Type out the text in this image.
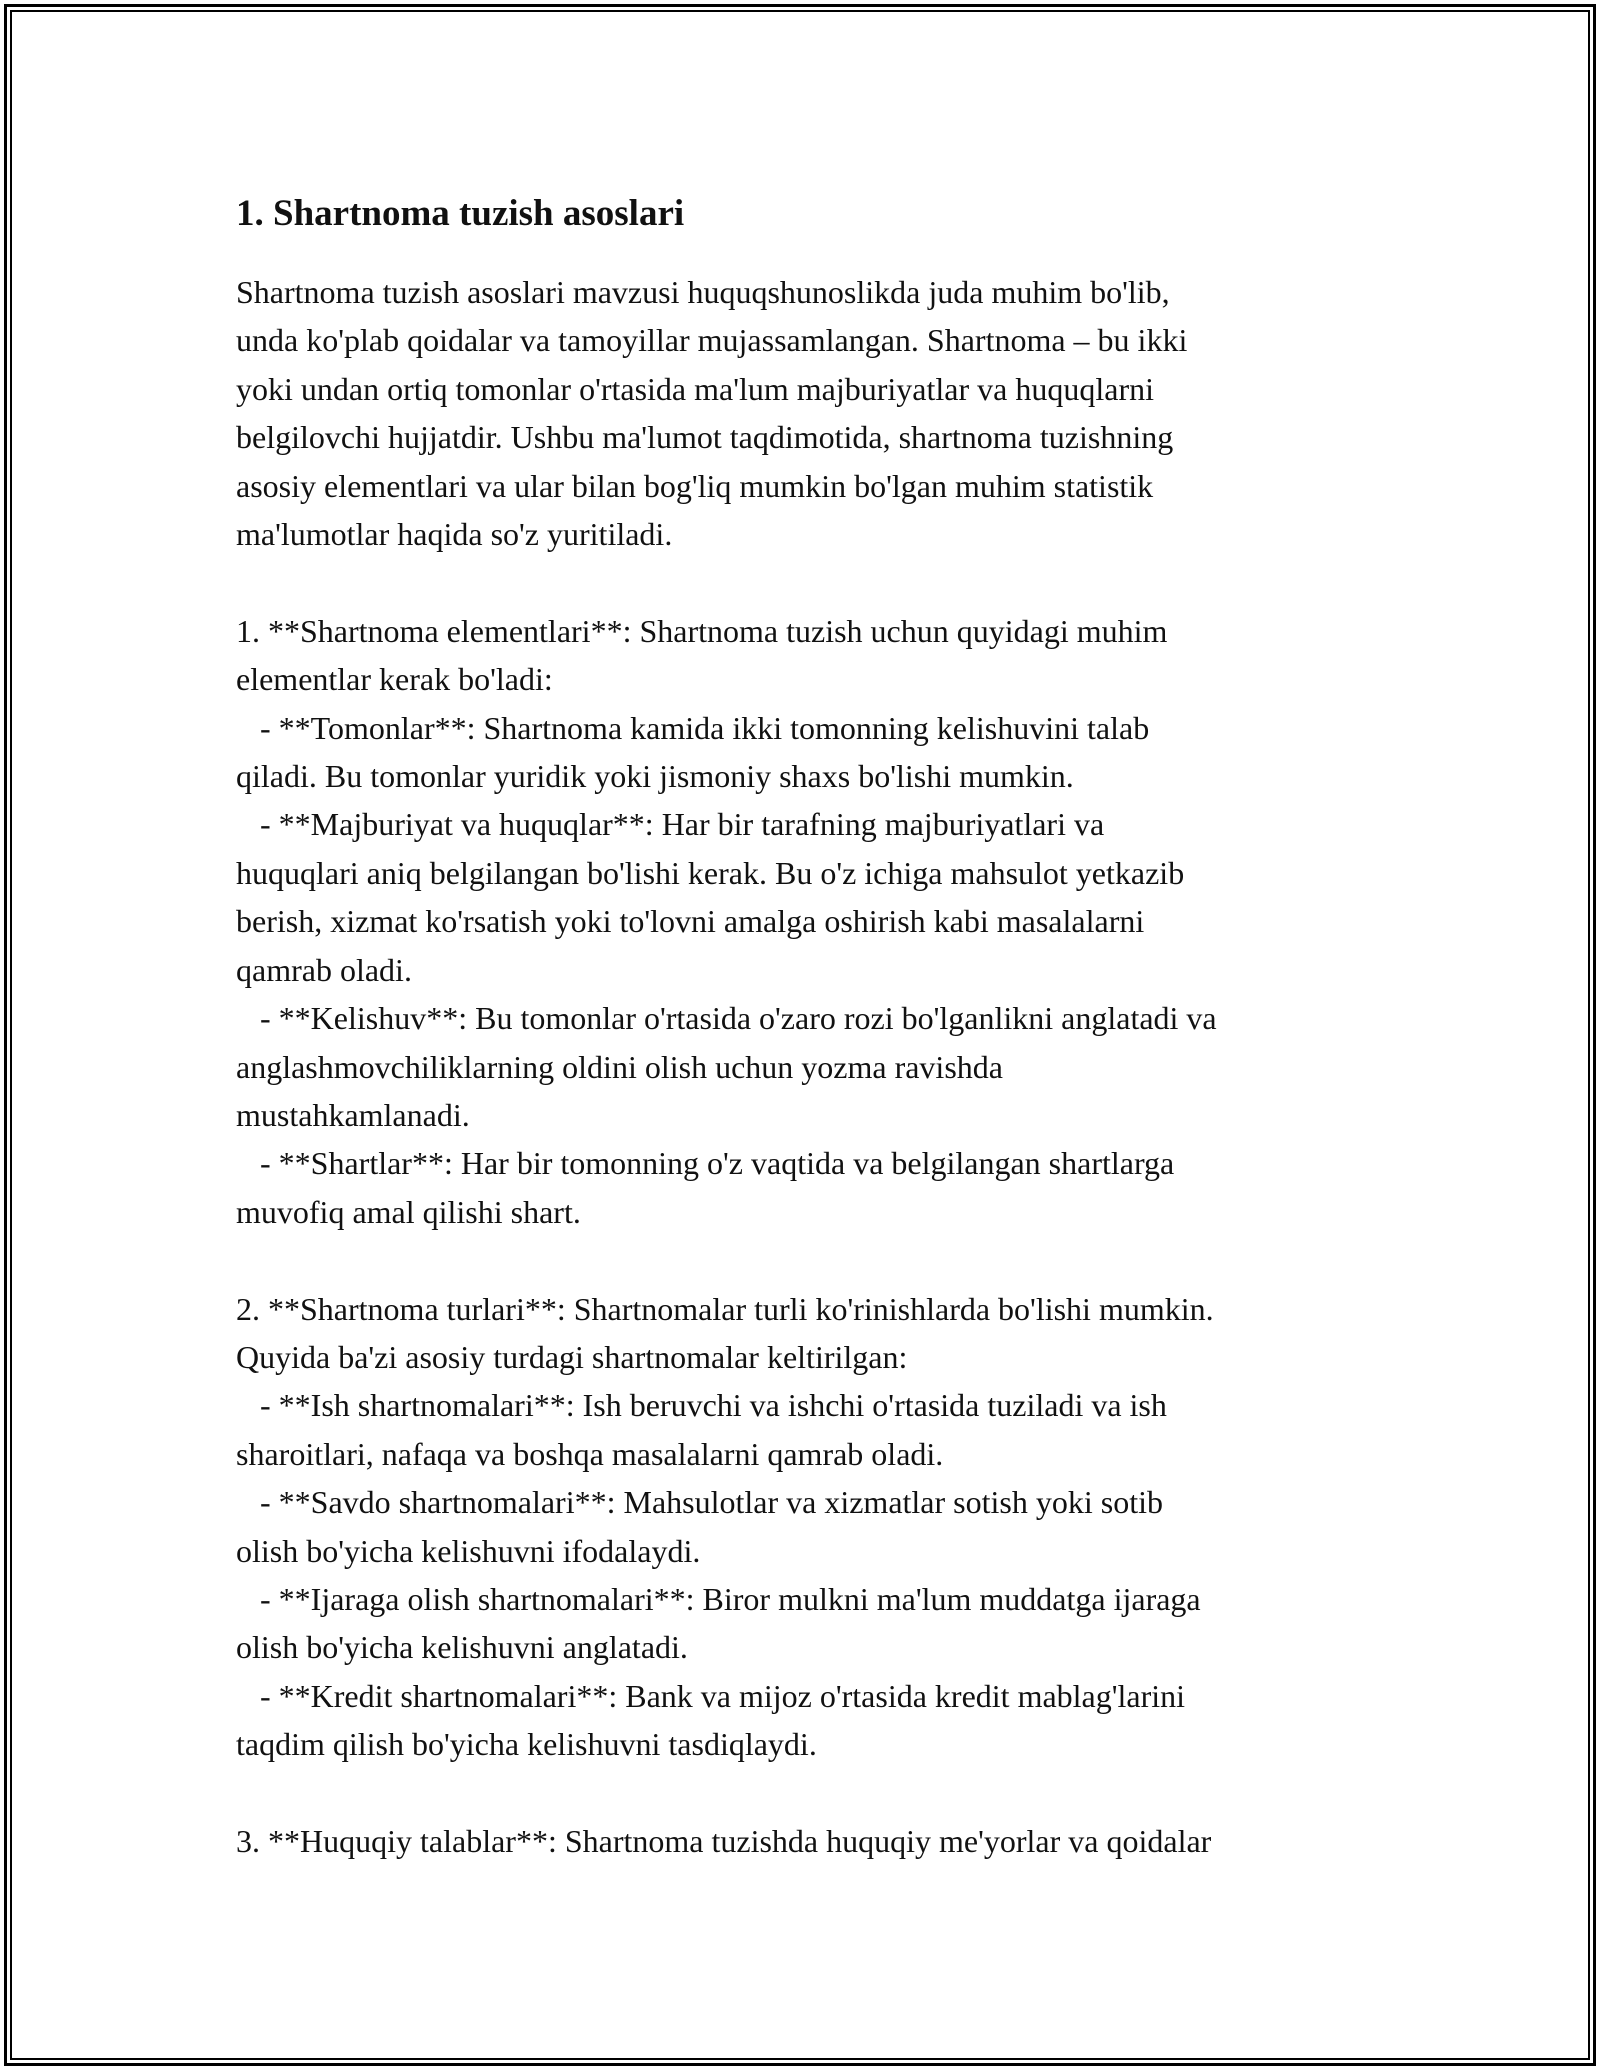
1. Shartnoma tuzish asoslari

Shartnoma tuzish asoslari mavzusi huquqshunoslikda juda muhim bo'lib,
unda ko'plab qoidalar va tamoyillar mujassamlangan. Shartnoma – bu ikki
yoki undan ortiq tomonlar o'rtasida ma'lum majburiyatlar va huquqlarni
belgilovchi hujjatdir. Ushbu ma'lumot taqdimotida, shartnoma tuzishning
asosiy elementlari va ular bilan bog'liq mumkin bo'lgan muhim statistik
ma'lumotlar haqida so'z yuritiladi.

1. **Shartnoma elementlari**: Shartnoma tuzish uchun quyidagi muhim
elementlar kerak bo'ladi:
- **Tomonlar**: Shartnoma kamida ikki tomonning kelishuvini talab
qiladi. Bu tomonlar yuridik yoki jismoniy shaxs bo'lishi mumkin.
- **Majburiyat va huquqlar**: Har bir tarafning majburiyatlari va
huquqlari aniq belgilangan bo'lishi kerak. Bu o'z ichiga mahsulot yetkazib
berish, xizmat ko'rsatish yoki to'lovni amalga oshirish kabi masalalarni
qamrab oladi.
- **Kelishuv**: Bu tomonlar o'rtasida o'zaro rozi bo'lganlikni anglatadi va
anglashmovchiliklarning oldini olish uchun yozma ravishda
mustahkamlanadi.
- **Shartlar**: Har bir tomonning o'z vaqtida va belgilangan shartlarga
muvofiq amal qilishi shart.

2. **Shartnoma turlari**: Shartnomalar turli ko'rinishlarda bo'lishi mumkin.
Quyida ba'zi asosiy turdagi shartnomalar keltirilgan:
- **Ish shartnomalari**: Ish beruvchi va ishchi o'rtasida tuziladi va ish
sharoitlari, nafaqa va boshqa masalalarni qamrab oladi.
- **Savdo shartnomalari**: Mahsulotlar va xizmatlar sotish yoki sotib
olish bo'yicha kelishuvni ifodalaydi.
- **Ijaraga olish shartnomalari**: Biror mulkni ma'lum muddatga ijaraga
olish bo'yicha kelishuvni anglatadi.
- **Kredit shartnomalari**: Bank va mijoz o'rtasida kredit mablag'larini
taqdim qilish bo'yicha kelishuvni tasdiqlaydi.

3. **Huquqiy talablar**: Shartnoma tuzishda huquqiy me'yorlar va qoidalar
